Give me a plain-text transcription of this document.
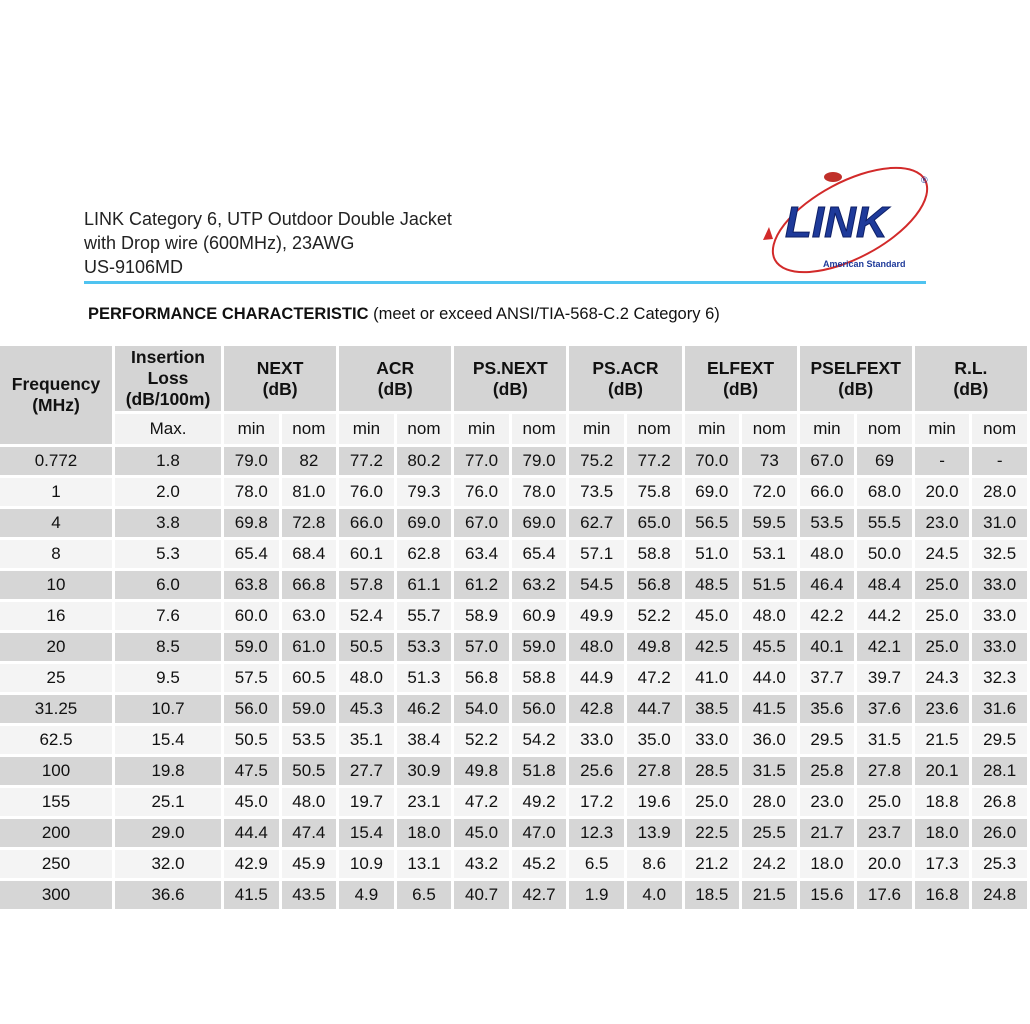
LINK Category 6, UTP Outdoor Double Jacket
with Drop wire (600MHz), 23AWG
US-9106MD
LINK
American Standard
®
PERFORMANCE CHARACTERISTIC (meet or exceed ANSI/TIA-568-C.2 Category 6)
Frequency
(MHz)	Insertion
Loss
(dB/100m)	NEXT
(dB)		ACR
(dB)		PS.NEXT
(dB)		PS.ACR
(dB)		ELFEXT
(dB)		PSELFEXT
(dB)		R.L.
(dB)	
	Max.	min	nom	min	nom	min	nom	min	nom	min	nom	min	nom	min	nom
0.772	1.8	79.0	82	77.2	80.2	77.0	79.0	75.2	77.2	70.0	73	67.0	69	-	-
1	2.0	78.0	81.0	76.0	79.3	76.0	78.0	73.5	75.8	69.0	72.0	66.0	68.0	20.0	28.0
4	3.8	69.8	72.8	66.0	69.0	67.0	69.0	62.7	65.0	56.5	59.5	53.5	55.5	23.0	31.0
8	5.3	65.4	68.4	60.1	62.8	63.4	65.4	57.1	58.8	51.0	53.1	48.0	50.0	24.5	32.5
10	6.0	63.8	66.8	57.8	61.1	61.2	63.2	54.5	56.8	48.5	51.5	46.4	48.4	25.0	33.0
16	7.6	60.0	63.0	52.4	55.7	58.9	60.9	49.9	52.2	45.0	48.0	42.2	44.2	25.0	33.0
20	8.5	59.0	61.0	50.5	53.3	57.0	59.0	48.0	49.8	42.5	45.5	40.1	42.1	25.0	33.0
25	9.5	57.5	60.5	48.0	51.3	56.8	58.8	44.9	47.2	41.0	44.0	37.7	39.7	24.3	32.3
31.25	10.7	56.0	59.0	45.3	46.2	54.0	56.0	42.8	44.7	38.5	41.5	35.6	37.6	23.6	31.6
62.5	15.4	50.5	53.5	35.1	38.4	52.2	54.2	33.0	35.0	33.0	36.0	29.5	31.5	21.5	29.5
100	19.8	47.5	50.5	27.7	30.9	49.8	51.8	25.6	27.8	28.5	31.5	25.8	27.8	20.1	28.1
155	25.1	45.0	48.0	19.7	23.1	47.2	49.2	17.2	19.6	25.0	28.0	23.0	25.0	18.8	26.8
200	29.0	44.4	47.4	15.4	18.0	45.0	47.0	12.3	13.9	22.5	25.5	21.7	23.7	18.0	26.0
250	32.0	42.9	45.9	10.9	13.1	43.2	45.2	6.5	8.6	21.2	24.2	18.0	20.0	17.3	25.3
300	36.6	41.5	43.5	4.9	6.5	40.7	42.7	1.9	4.0	18.5	21.5	15.6	17.6	16.8	24.8
